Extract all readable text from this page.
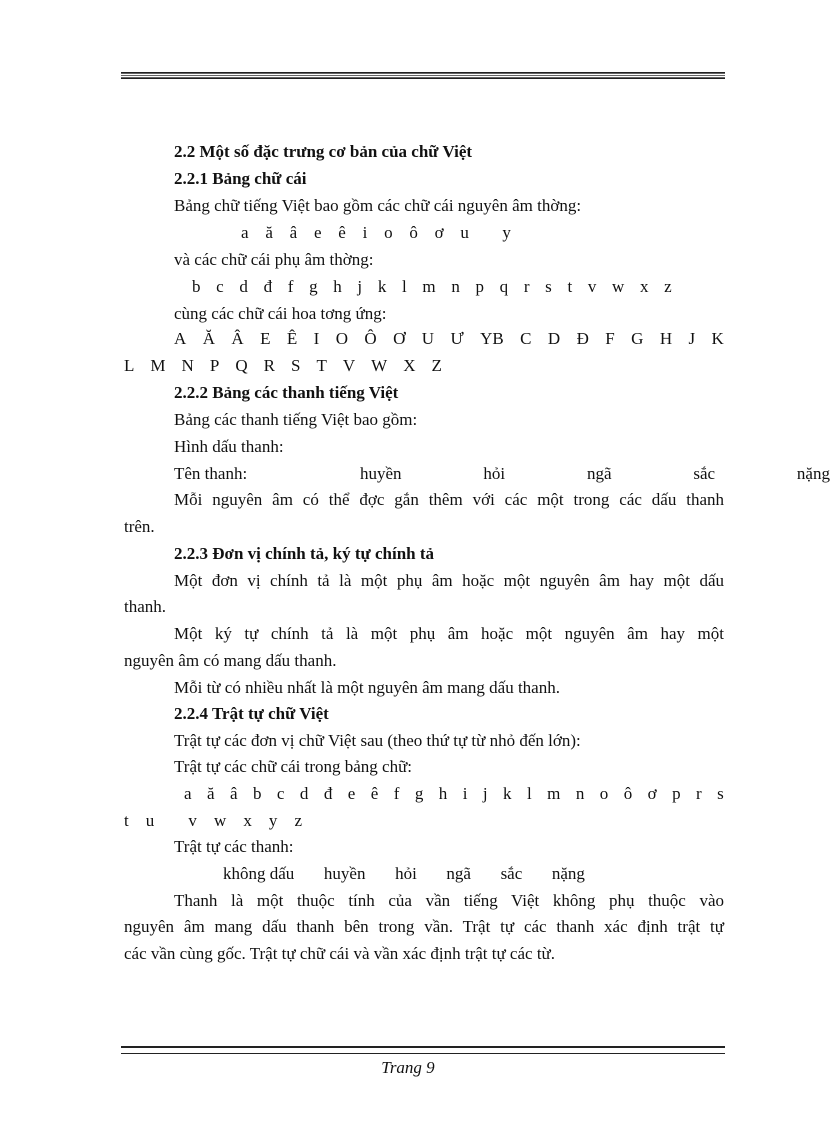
2.2 Một số đặc trưng cơ bản của chữ Việt
2.2.1 Bảng chữ cái
Bảng chữ tiếng Việt bao gồm các chữ cái nguyên âm thờng:
a ă â e ê i o ô ơ u y
và các chữ cái phụ âm thờng:
b c d đ f g h j k l m n p q r s t v w x z
cùng các chữ cái hoa tơng ứng:
A Ă Â E Ê I O Ô Ơ U Ư YB C D Đ F G H J K
L M N P Q R S T V W X Z
2.2.2 Bảng các thanh tiếng Việt
Bảng các thanh tiếng Việt bao gồm:
Hình dấu thanh:
Tên thanh:	huyền	hỏi	ngã	sắc	nặng
Mỗi nguyên âm có thể đợc gắn thêm với các một trong các dấu thanh
trên.
2.2.3 Đơn vị chính tả, ký tự chính tả
Một đơn vị chính tả là một phụ âm hoặc một nguyên âm hay một dấu
thanh.
Một ký tự chính tả là một phụ âm hoặc một nguyên âm hay một
nguyên âm có mang dấu thanh.
Mỗi từ có nhiều nhất là một nguyên âm mang dấu thanh.
2.2.4 Trật tự chữ Việt
Trật tự các đơn vị chữ Việt sau (theo thứ tự từ nhỏ đến lớn):
Trật tự các chữ cái trong bảng chữ:
a ă â b c d đ e ê f g h i j k l m n o ô ơ p r s
t u v w x y z
Trật tự các thanh:
không dấu huyền hỏi ngã sắc nặng
Thanh là một thuộc tính của vần tiếng Việt không phụ thuộc vào
nguyên âm mang dấu thanh bên trong vần. Trật tự các thanh xác định trật tự
các vần cùng gốc. Trật tự chữ cái và vần xác định trật tự các từ.
Trang 9
